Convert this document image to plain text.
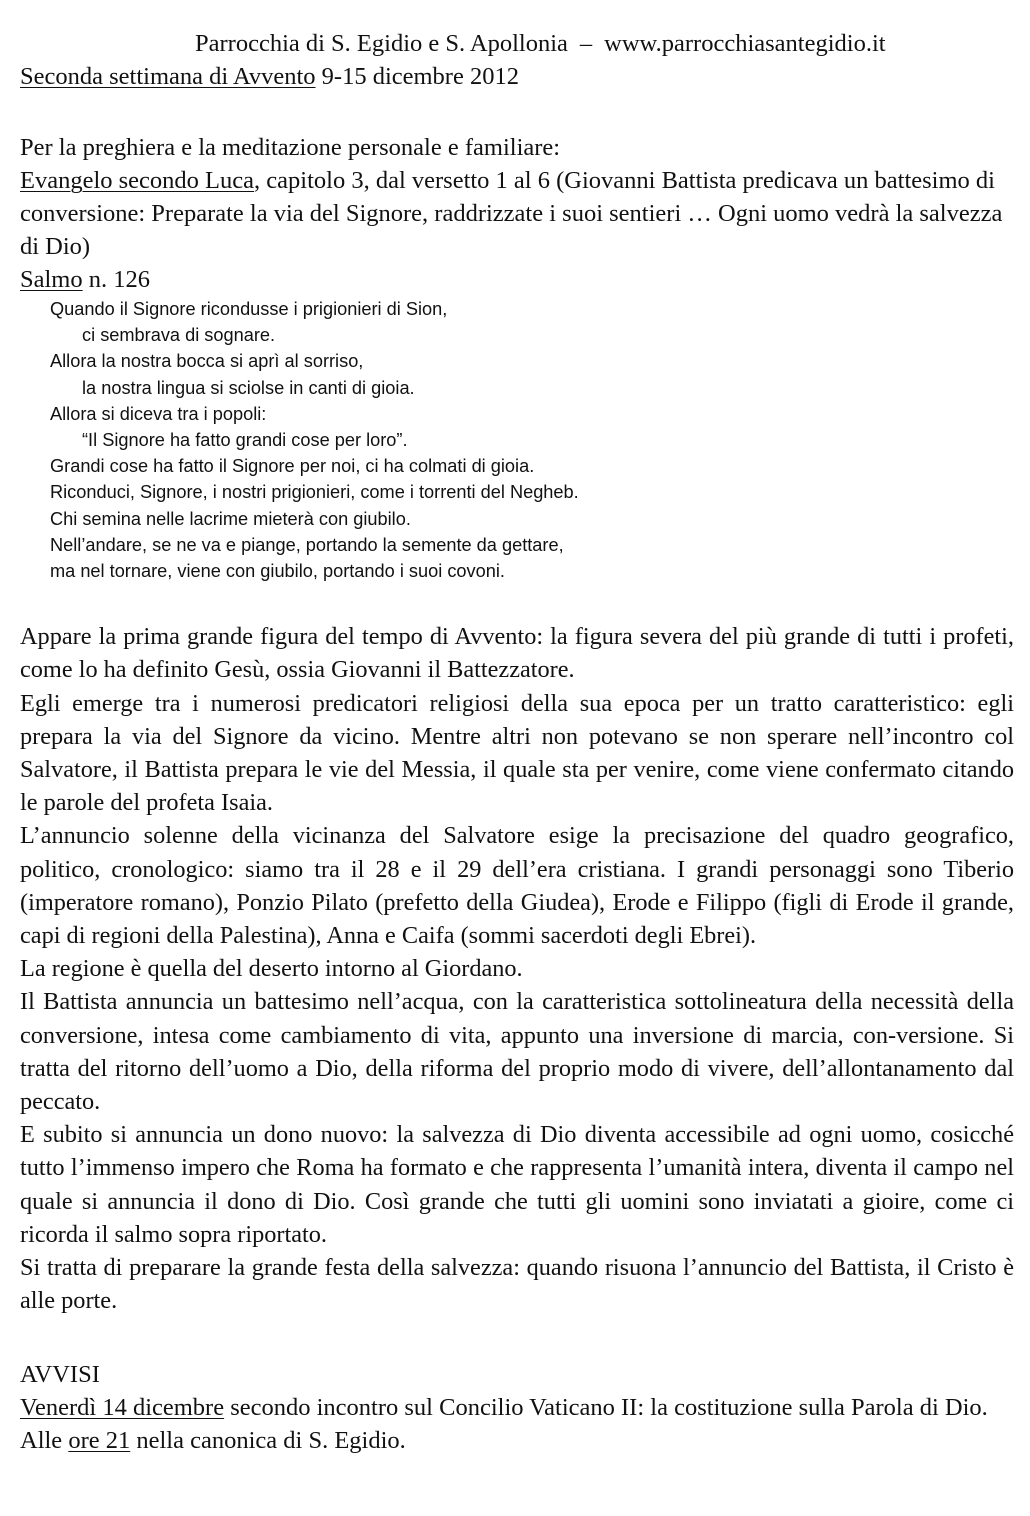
Parrocchia di S. Egidio e S. Apollonia – www.parrocchiasantegidio.it
Seconda settimana di Avvento 9-15 dicembre 2012

Per la preghiera e la meditazione personale e familiare:

Evangelo secondo Luca, capitolo 3, dal versetto 1 al 6 (Giovanni Battista predicava un battesimo di conversione: Preparate la via del Signore, raddrizzate i suoi sentieri … Ogni uomo vedrà la salvezza di Dio)

Salmo n. 126

Quando il Signore ricondusse i prigionieri di Sion,
ci sembrava di sognare.
Allora la nostra bocca si aprì al sorriso,
la nostra lingua si sciolse in canti di gioia.
Allora si diceva tra i popoli:
“Il Signore ha fatto grandi cose per loro”.
Grandi cose ha fatto il Signore per noi, ci ha colmati di gioia.
Riconduci, Signore, i nostri prigionieri, come i torrenti del Negheb.
Chi semina nelle lacrime mieterà con giubilo.
Nell’andare, se ne va e piange, portando la semente da gettare,
ma nel tornare, viene con giubilo, portando i suoi covoni.

Appare la prima grande figura del tempo di Avvento: la figura severa del più grande di tutti i profeti, come lo ha definito Gesù, ossia Giovanni il Battezzatore.

Egli emerge tra i numerosi predicatori religiosi della sua epoca per un tratto caratteristico: egli prepara la via del Signore da vicino. Mentre altri non potevano se non sperare nell’incontro col Salvatore, il Battista prepara le vie del Messia, il quale sta per venire, come viene confermato citando le parole del profeta Isaia.

L’annuncio solenne della vicinanza del Salvatore esige la precisazione del quadro geografico, politico, cronologico: siamo tra il 28 e il 29 dell’era cristiana. I grandi personaggi sono Tiberio (imperatore romano), Ponzio Pilato (prefetto della Giudea), Erode e Filippo (figli di Erode il grande, capi di regioni della Palestina), Anna e Caifa (sommi sacerdoti degli Ebrei).

La regione è quella del deserto intorno al Giordano.

Il Battista annuncia un battesimo nell’acqua, con la caratteristica sottolineatura della necessità della conversione, intesa come cambiamento di vita, appunto una inversione di marcia, con-versione. Si tratta del ritorno dell’uomo a Dio, della riforma del proprio modo di vivere, dell’allontanamento dal peccato.

E subito si annuncia un dono nuovo: la salvezza di Dio diventa accessibile ad ogni uomo, cosicché tutto l’immenso impero che Roma ha formato e che rappresenta l’umanità intera, diventa il campo nel quale si annuncia il dono di Dio. Così grande che tutti gli uomini sono inviatati a gioire, come ci ricorda il salmo sopra riportato.

Si tratta di preparare la grande festa della salvezza: quando risuona l’annuncio del Battista, il Cristo è alle porte.

AVVISI

Venerdì 14 dicembre secondo incontro sul Concilio Vaticano II: la costituzione sulla Parola di Dio. Alle ore 21 nella canonica di S. Egidio.
